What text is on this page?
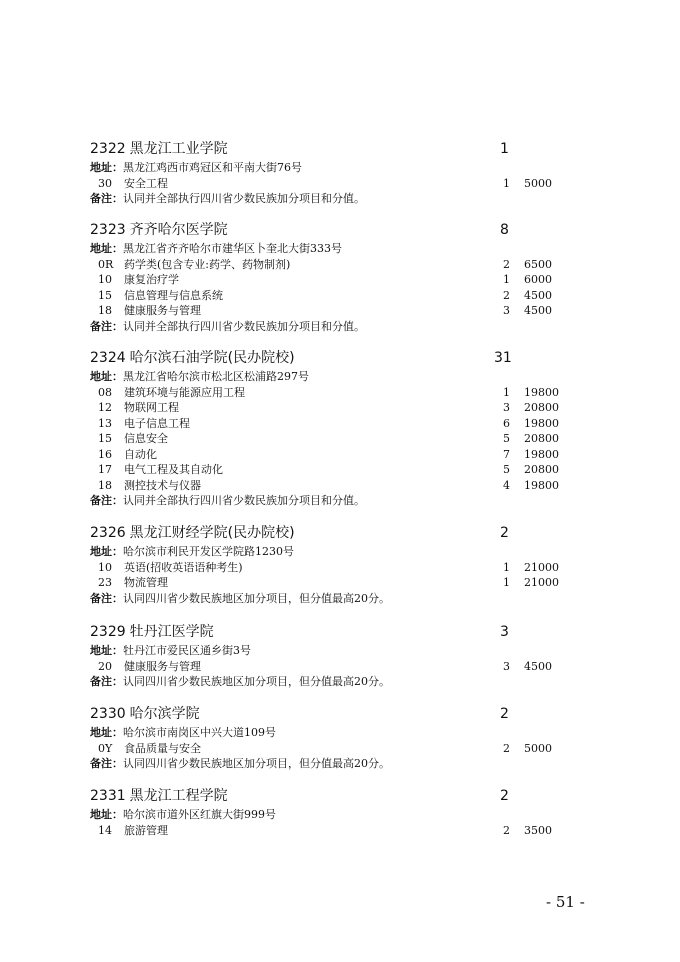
2322 黑龙江工业学院	1
地址：黑龙江鸡西市鸡冠区和平南大街76号
30 安全工程	1 5000
备注：认同并全部执行四川省少数民族加分项目和分值。
2323 齐齐哈尔医学院	8
地址：黑龙江省齐齐哈尔市建华区卜奎北大街333号
0R 药学类(包含专业:药学、药物制剂)	2 6500
10 康复治疗学	1 6000
15 信息管理与信息系统	2 4500
18 健康服务与管理	3 4500
备注：认同并全部执行四川省少数民族加分项目和分值。
2324 哈尔滨石油学院(民办院校)	31
地址：黑龙江省哈尔滨市松北区松浦路297号
08 建筑环境与能源应用工程	1 19800
12 物联网工程	3 20800
13 电子信息工程	6 19800
15 信息安全	5 20800
16 自动化	7 19800
17 电气工程及其自动化	5 20800
18 测控技术与仪器	4 19800
备注：认同并全部执行四川省少数民族加分项目和分值。
2326 黑龙江财经学院(民办院校)	2
地址：哈尔滨市利民开发区学院路1230号
10 英语(招收英语语种考生)	1 21000
23 物流管理	1 21000
备注：认同四川省少数民族地区加分项目，但分值最高20分。
2329 牡丹江医学院	3
地址：牡丹江市爱民区通乡街3号
20 健康服务与管理	3 4500
备注：认同四川省少数民族地区加分项目，但分值最高20分。
2330 哈尔滨学院	2
地址：哈尔滨市南岗区中兴大道109号
0Y 食品质量与安全	2 5000
备注：认同四川省少数民族地区加分项目，但分值最高20分。
2331 黑龙江工程学院	2
地址：哈尔滨市道外区红旗大街999号
14 旅游管理	2 3500
- 51 -
